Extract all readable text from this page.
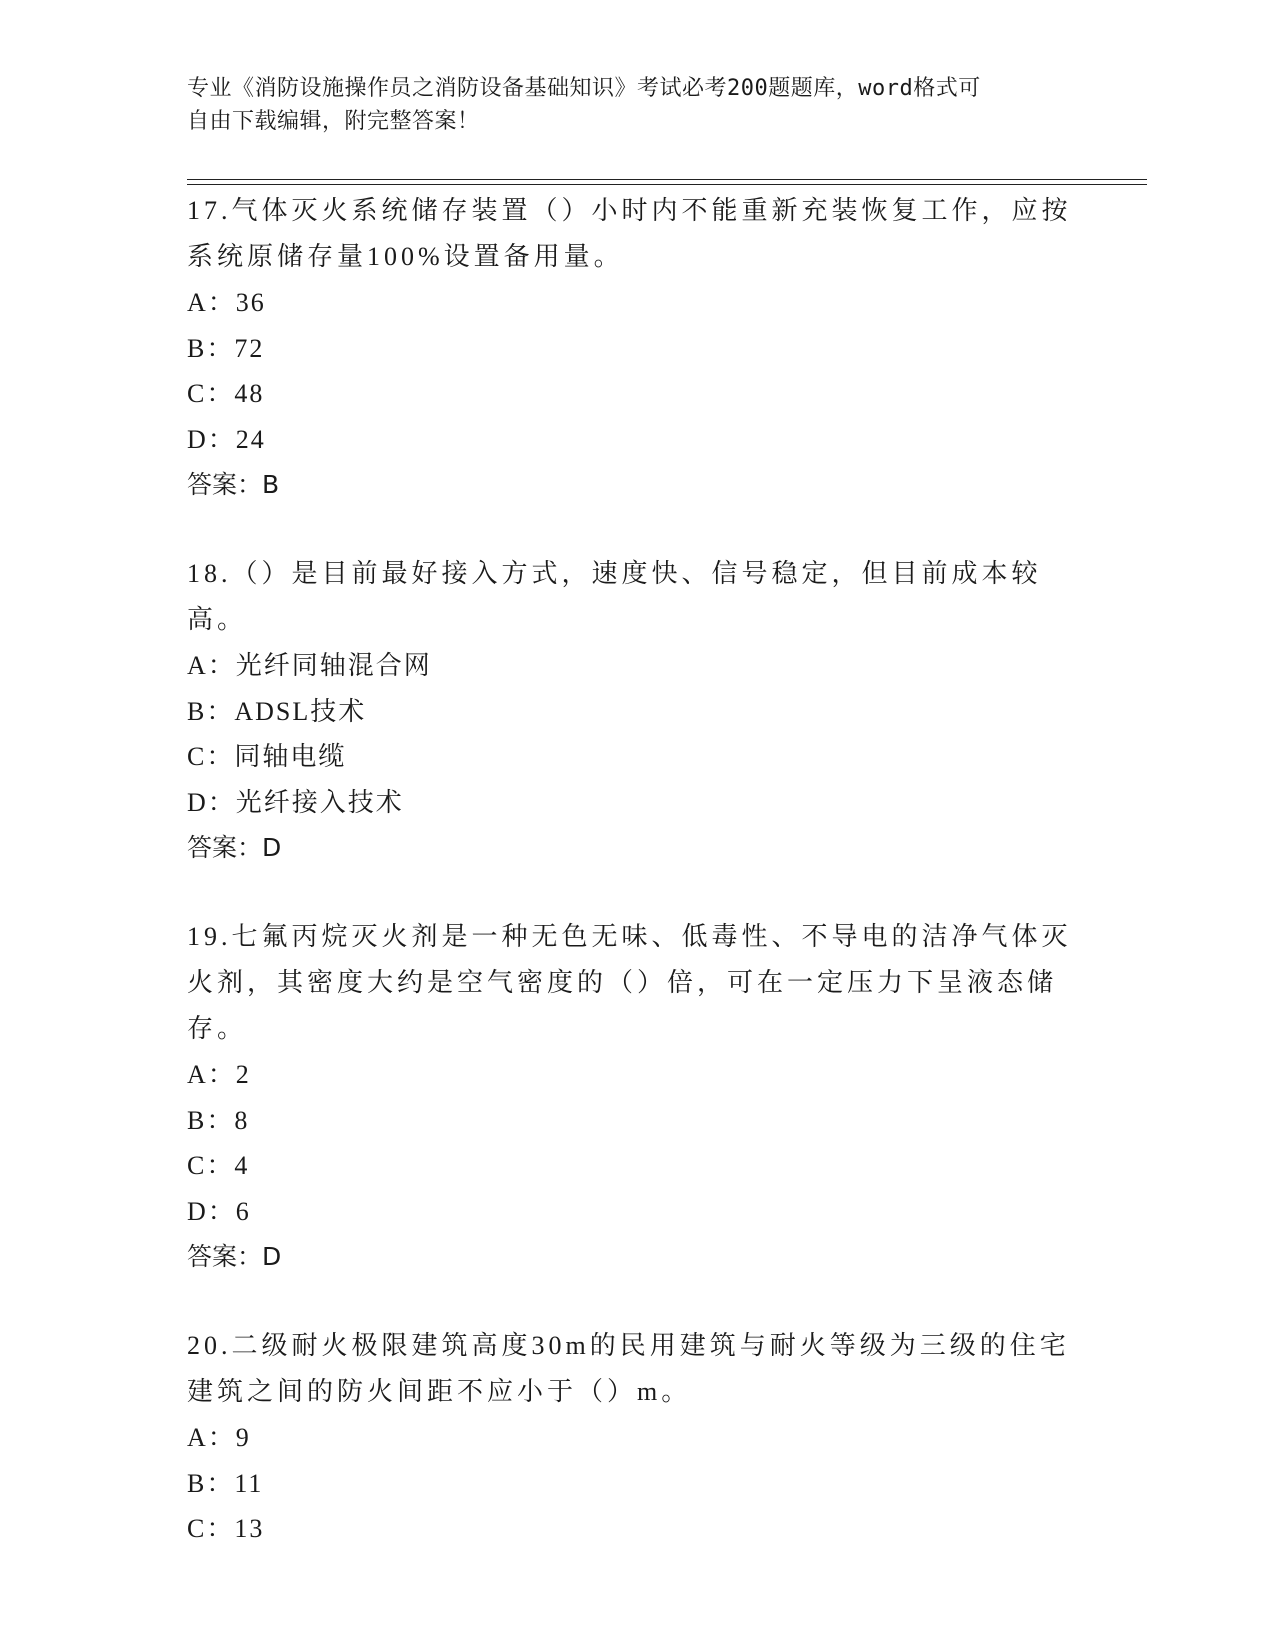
专业《消防设施操作员之消防设备基础知识》考试必考200题题库，word格式可
自由下载编辑，附完整答案！
17.气体灭火系统储存装置（）小时内不能重新充装恢复工作，应按系统原储存量100%设置备用量。
A：36
B：72
C：48
D：24
答案：B
18.（）是目前最好接入方式，速度快、信号稳定，但目前成本较高。
A：光纤同轴混合网
B：ADSL技术
C：同轴电缆
D：光纤接入技术
答案：D
19.七氟丙烷灭火剂是一种无色无味、低毒性、不导电的洁净气体灭火剂，其密度大约是空气密度的（）倍，可在一定压力下呈液态储存。
A：2
B：8
C：4
D：6
答案：D
20.二级耐火极限建筑高度30m的民用建筑与耐火等级为三级的住宅建筑之间的防火间距不应小于（）m。
A：9
B：11
C：13
